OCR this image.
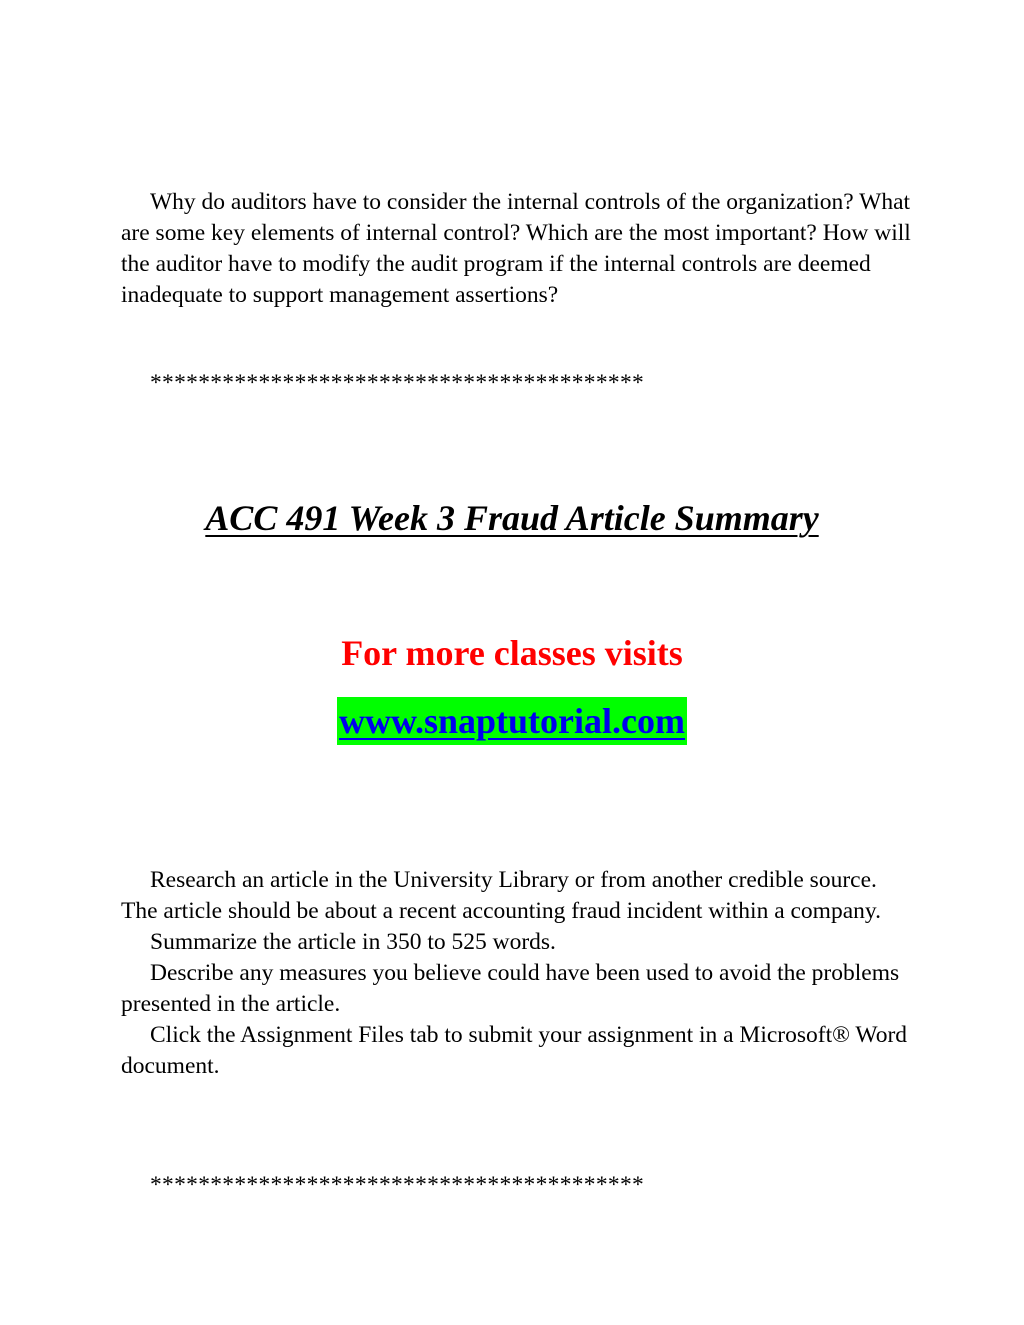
Why do auditors have to consider the internal controls of the organization? What are some key elements of internal control? Which are the most important? How will the auditor have to modify the audit program if the internal controls are deemed inadequate to support management assertions?

*****************************************

ACC 491 Week 3 Fraud Article Summary

For more classes visits

www.snaptutorial.com

Research an article in the University Library or from another credible source. The article should be about a recent accounting fraud incident within a company.

Summarize the article in 350 to 525 words.

Describe any measures you believe could have been used to avoid the problems presented in the article.

Click the Assignment Files tab to submit your assignment in a Microsoft® Word document.

*****************************************
